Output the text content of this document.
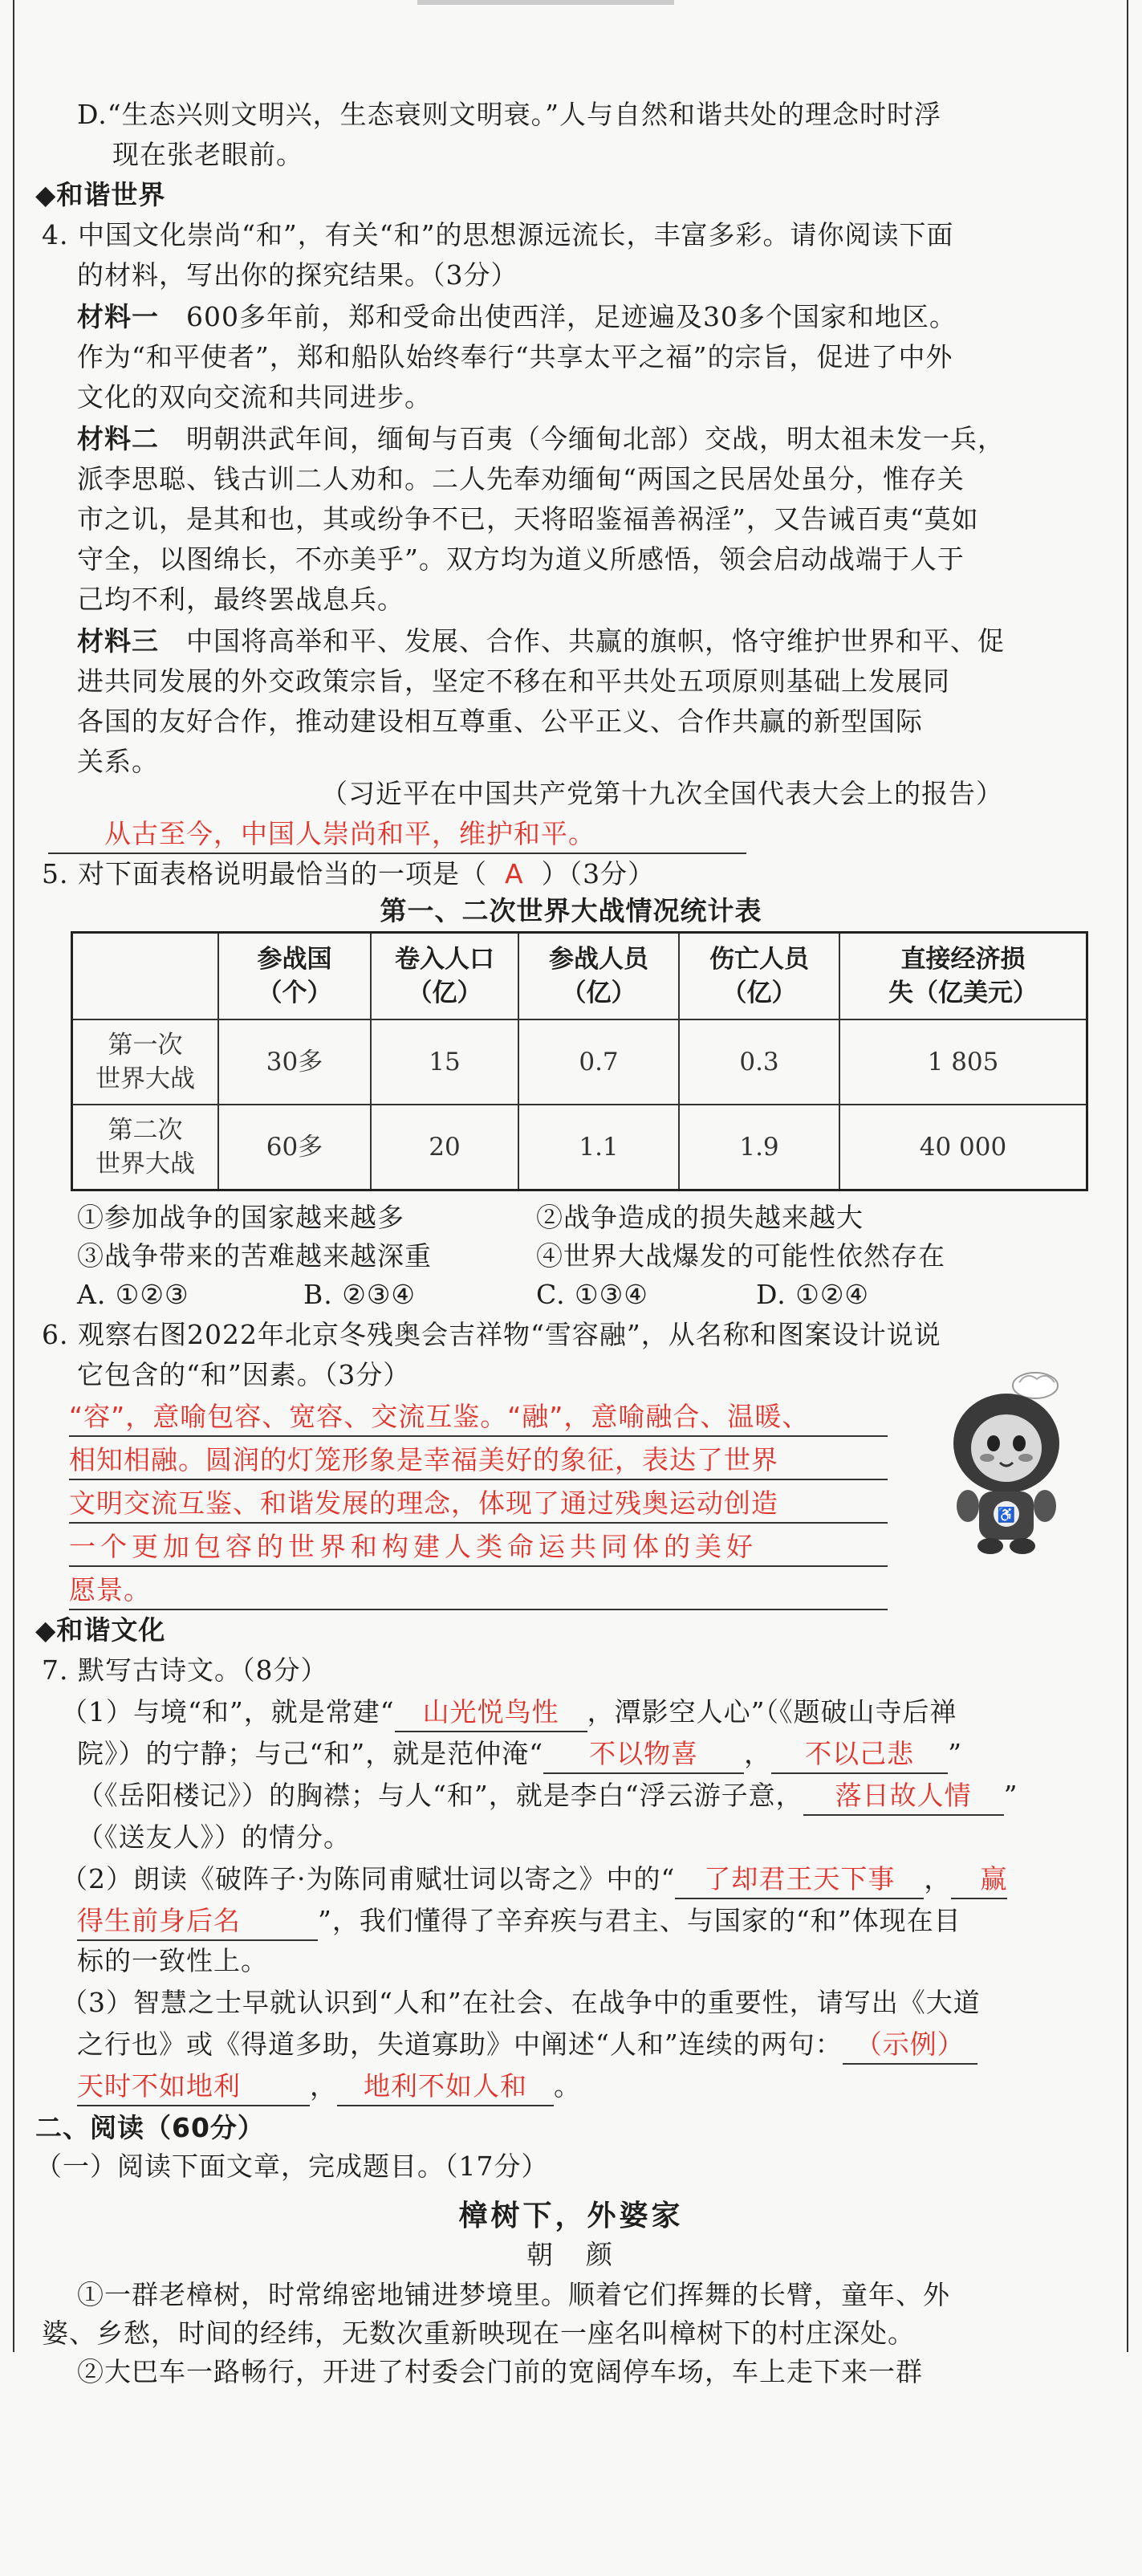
D.“生态兴则文明兴，生态衰则文明衰。”人与自然和谐共处的理念时时浮
现在张老眼前。
◆和谐世界
4. 中国文化崇尚“和”，有关“和”的思想源远流长，丰富多彩。请你阅读下面
的材料，写出你的探究结果。（3分）
材料一　 600多年前，郑和受命出使西洋，足迹遍及30多个国家和地区。
作为“和平使者”，郑和船队始终奉行“共享太平之福”的宗旨，促进了中外
文化的双向交流和共同进步。
材料二　 明朝洪武年间，缅甸与百夷（今缅甸北部）交战，明太祖未发一兵，
派李思聪、钱古训二人劝和。二人先奉劝缅甸“两国之民居处虽分，惟存关
市之讥，是其和也，其或纷争不已，天将昭鉴福善祸淫”，又告诫百夷“莫如
守全，以图绵长，不亦美乎”。双方均为道义所感悟，领会启动战端于人于
己均不利，最终罢战息兵。
材料三　 中国将高举和平、发展、合作、共赢的旗帜，恪守维护世界和平、促
进共同发展的外交政策宗旨，坚定不移在和平共处五项原则基础上发展同
各国的友好合作，推动建设相互尊重、公平正义、合作共赢的新型国际
关系。
（习近平在中国共产党第十九次全国代表大会上的报告）
从古至今，中国人崇尚和平，维护和平。
5. 对下面表格说明最恰当的一项是（ A ）（3分）
第一、二次世界大战情况统计表
	参战国
（个）	卷入人口
（亿）	参战人员
（亿）	伤亡人员
（亿）	直接经济损
失（亿美元）
第一次
世界大战	30多	15	0.7	0.3	1 805
第二次
世界大战	60多	20	1.1	1.9	40 000
①参加战争的国家越来越多	②战争造成的损失越来越大
③战争带来的苦难越来越深重	④世界大战爆发的可能性依然存在
A. ①②③	B. ②③④	C. ①③④	D. ①②④
6. 观察右图2022年北京冬残奥会吉祥物“雪容融”，从名称和图案设计说说
它包含的“和”因素。（3分）
“容”，意喻包容、宽容、交流互鉴。“融”，意喻融合、温暖、
相知相融。圆润的灯笼形象是幸福美好的象征，表达了世界
文明交流互鉴、和谐发展的理念，体现了通过残奥运动创造
一个更加包容的世界和构建人类命运共同体的美好
愿景。
♿
◆和谐文化
7. 默写古诗文。（8分）
（1）与境“和”，就是常建“ 山光悦鸟性 ，潭影空人心”（《题破山寺后禅
院》）的宁静；与己“和”，就是范仲淹“ 不以物喜 ， 不以己悲 ”
（《岳阳楼记》）的胸襟；与人“和”，就是李白“浮云游子意， 落日故人情 ”
（《送友人》）的情分。
（2）朗读《破阵子·为陈同甫赋壮词以寄之》中的“ 了却君王天下事 ， 赢
得生前身后名	”，我们懂得了辛弃疾与君主、与国家的“和”体现在目
标的一致性上。
（3）智慧之士早就认识到“人和”在社会、在战争中的重要性，请写出《大道
之行也》或《得道多助，失道寡助》中阐述“人和”连续的两句： （示例）
天时不如地利	， 地利不如人和 。
二、阅读（60分）
（一）阅读下面文章，完成题目。（17分）
樟树下，外婆家
朝　颜
①一群老樟树，时常绵密地铺进梦境里。顺着它们挥舞的长臂，童年、外
婆、乡愁，时间的经纬，无数次重新映现在一座名叫樟树下的村庄深处。
②大巴车一路畅行，开进了村委会门前的宽阔停车场，车上走下来一群
